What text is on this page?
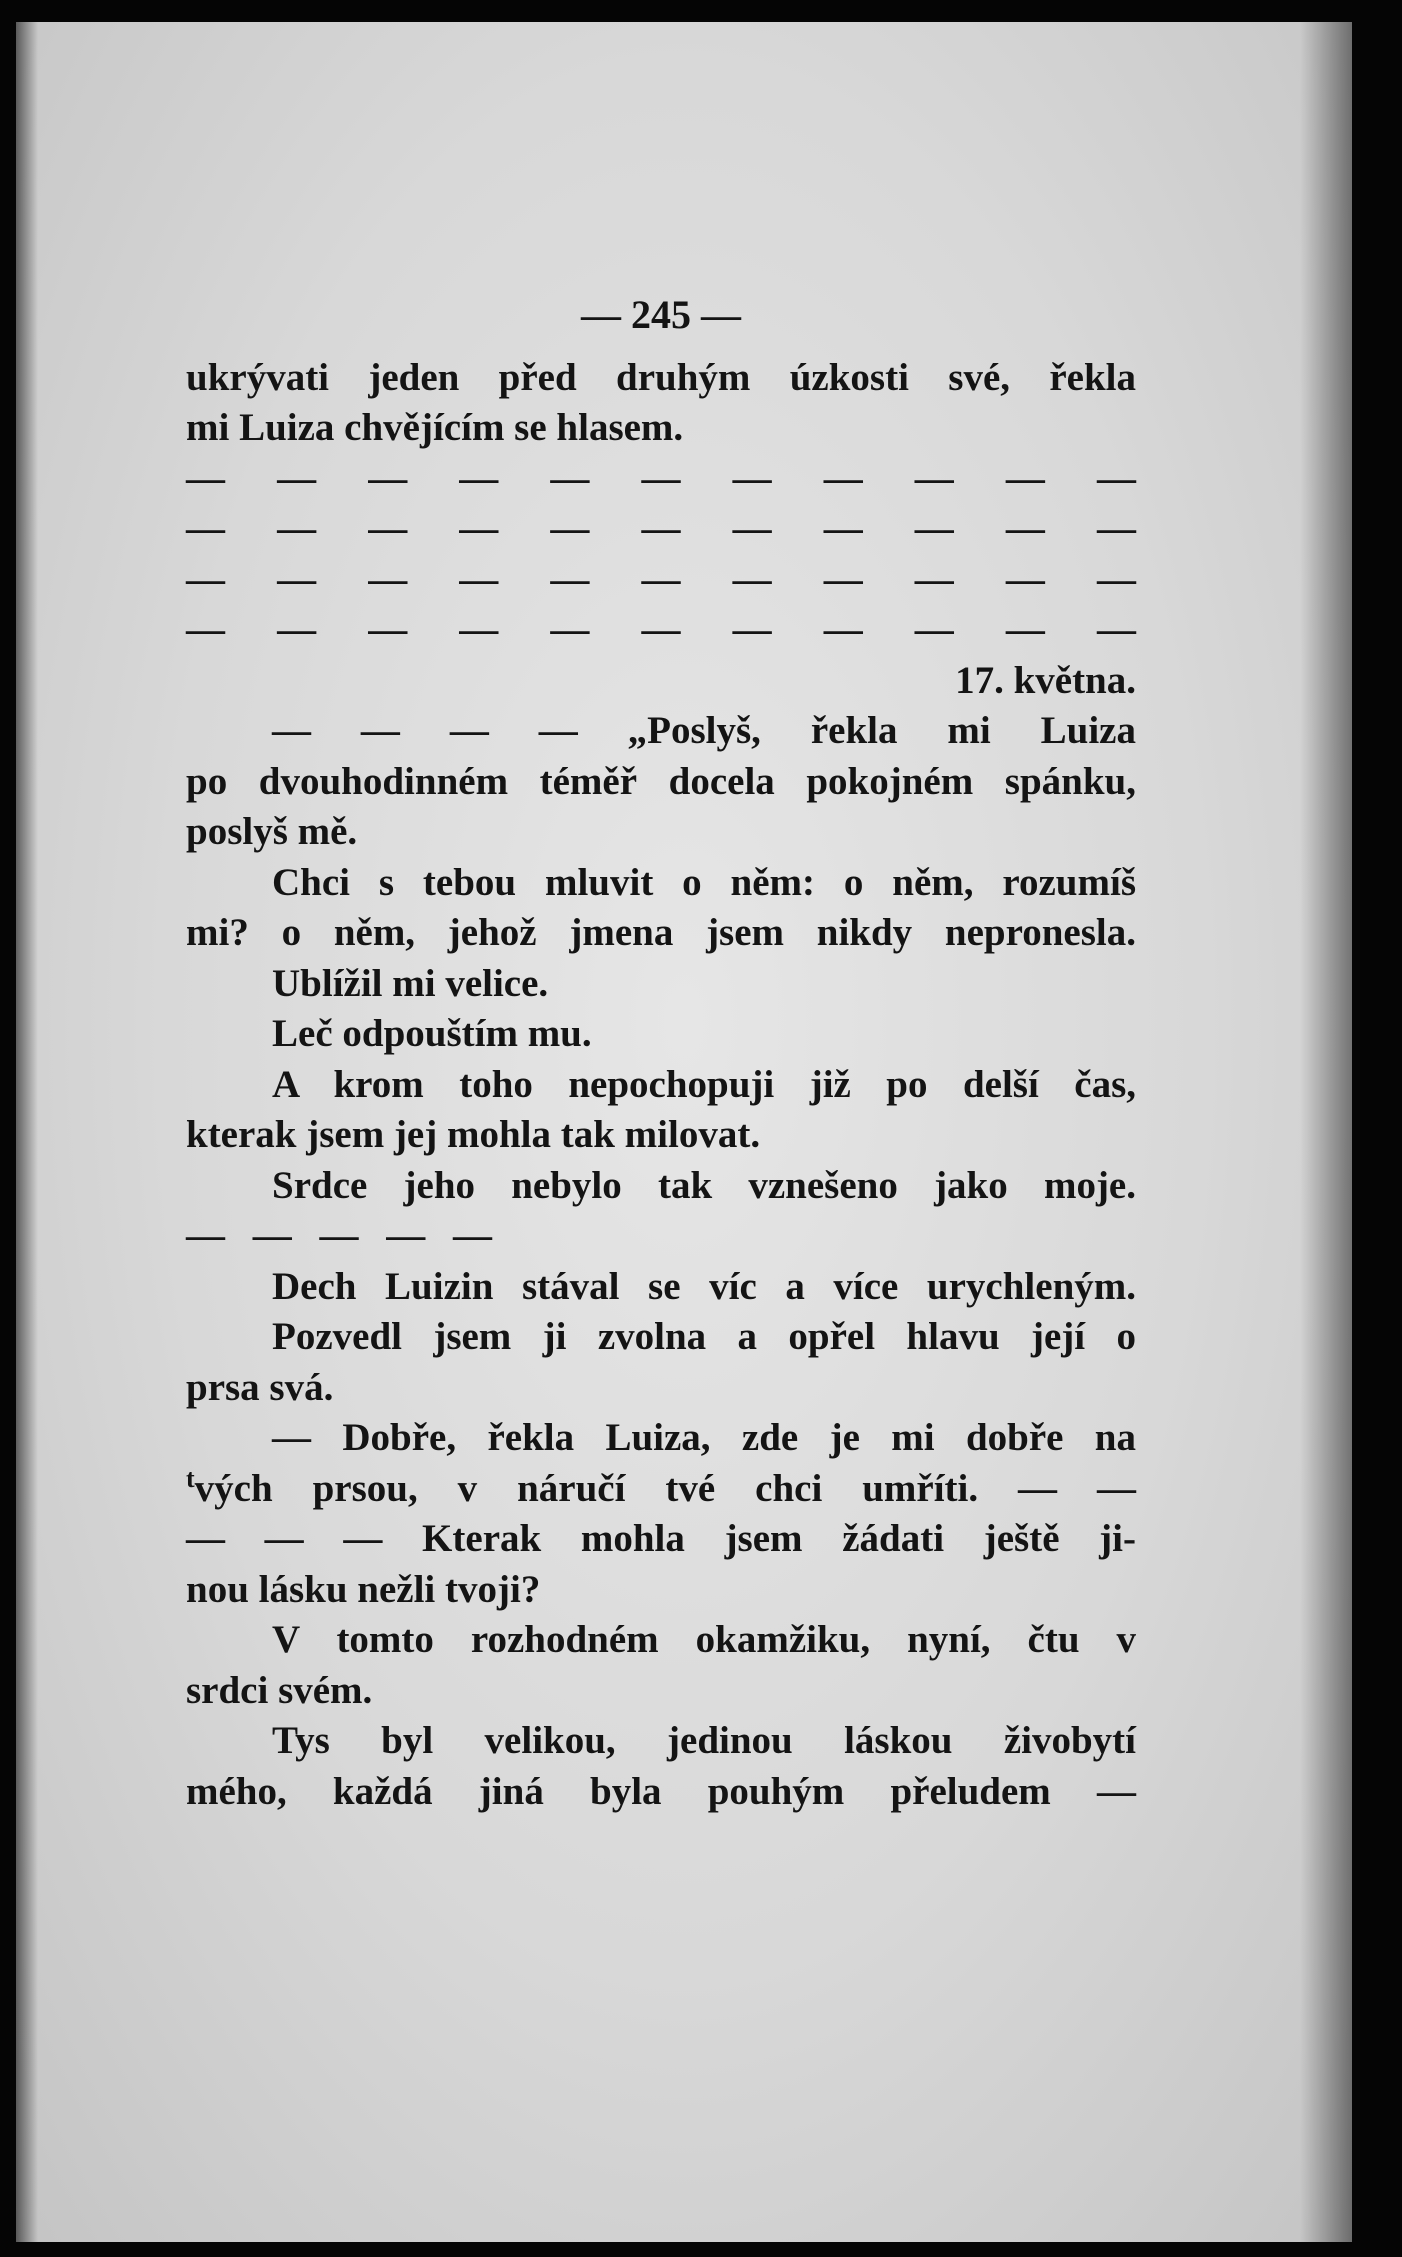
— 245 —
ukrývati jeden před druhým úzkosti své, řekla
mi Luiza chvějícím se hlasem.
— — — — — — — — — — —
— — — — — — — — — — —
— — — — — — — — — — —
— — — — — — — — — — —
17. května.
— — — — „Poslyš, řekla mi Luiza
po dvouhodinném téměř docela pokojném spánku,
poslyš mě.
Chci s tebou mluvit o něm: o něm, rozumíš
mi? o něm, jehož jmena jsem nikdy nepronesla.
Ublížil mi velice.
Leč odpouštím mu.
A krom toho nepochopuji již po delší čas,
kterak jsem jej mohla tak milovat.
Srdce jeho nebylo tak vznešeno jako moje.
— — — — —
Dech Luizin stával se víc a více urychleným.
Pozvedl jsem ji zvolna a opřel hlavu její o
prsa svá.
— Dobře, řekla Luiza, zde je mi dobře na
t vých prsou, v náručí tvé chci umříti. — —
— — — Kterak mohla jsem žádati ještě ji-
nou lásku nežli tvoji?
V tomto rozhodném okamžiku, nyní, čtu v
srdci svém.
Tys byl velikou, jedinou láskou živobytí
mého, každá jiná byla pouhým přeludem —
